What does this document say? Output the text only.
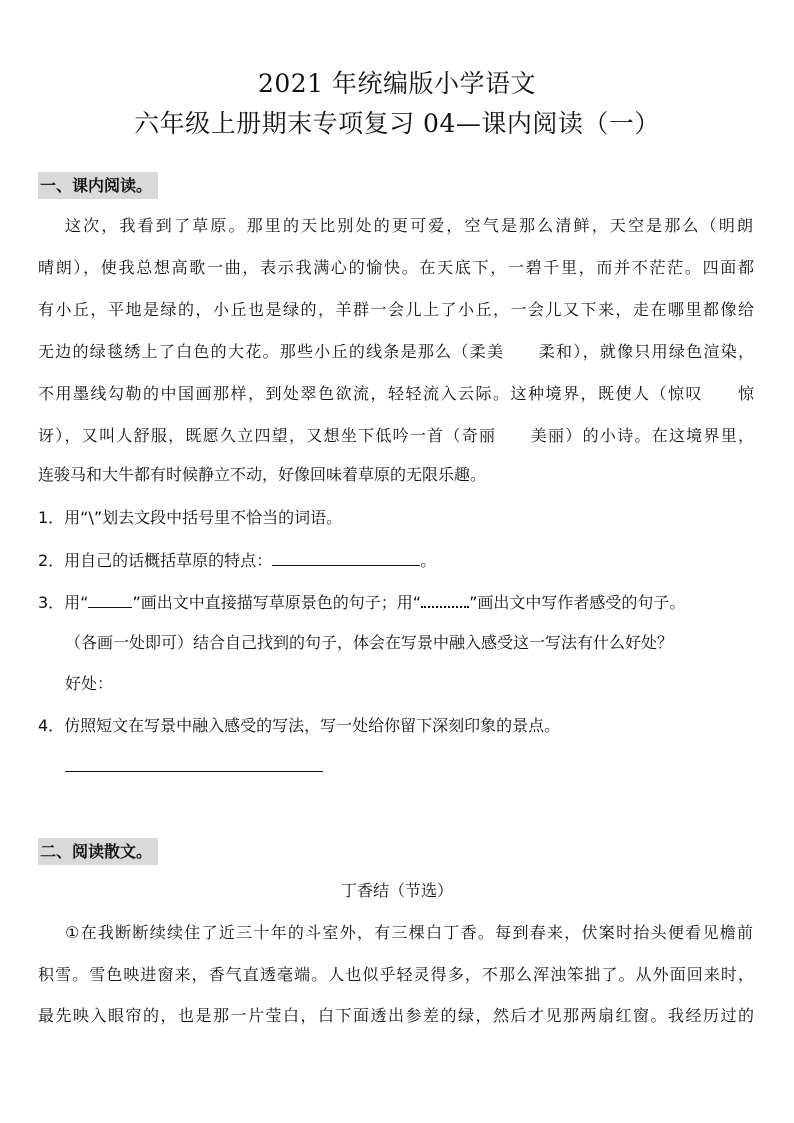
2021 年统编版小学语文
六年级上册期末专项复习 04—课内阅读（一）
一、课内阅读。
这次，我看到了草原。那里的天比别处的更可爱，空气是那么清鲜，天空是那么（明朗
晴朗），使我总想高歌一曲，表示我满心的愉快。在天底下，一碧千里，而并不茫茫。四面都
有小丘，平地是绿的，小丘也是绿的，羊群一会儿上了小丘，一会儿又下来，走在哪里都像给
无边的绿毯绣上了白色的大花。那些小丘的线条是那么（柔美　　柔和），就像只用绿色渲染，
不用墨线勾勒的中国画那样，到处翠色欲流，轻轻流入云际。这种境界，既使人（惊叹　　惊
讶），又叫人舒服，既愿久立四望，又想坐下低吟一首（奇丽　　美丽）的小诗。在这境界里，
连骏马和大牛都有时候静立不动，好像回味着草原的无限乐趣。
1．用“\”划去文段中括号里不恰当的词语。
2．用自己的话概括草原的特点：	。
3．用“	”画出文中直接描写草原景色的句子；用“	”画出文中写作者感受的句子。
（各画一处即可）结合自己找到的句子，体会在写景中融入感受这一写法有什么好处？
好处：
4．仿照短文在写景中融入感受的写法，写一处给你留下深刻印象的景点。
二、阅读散文。
丁香结（节选）
①在我断断续续住了近三十年的斗室外，有三棵白丁香。每到春来，伏案时抬头便看见檐前
积雪。雪色映进窗来，香气直透毫端。人也似乎轻灵得多，不那么浑浊笨拙了。从外面回来时，
最先映入眼帘的，也是那一片莹白，白下面透出参差的绿，然后才见那两扇红窗。我经历过的
